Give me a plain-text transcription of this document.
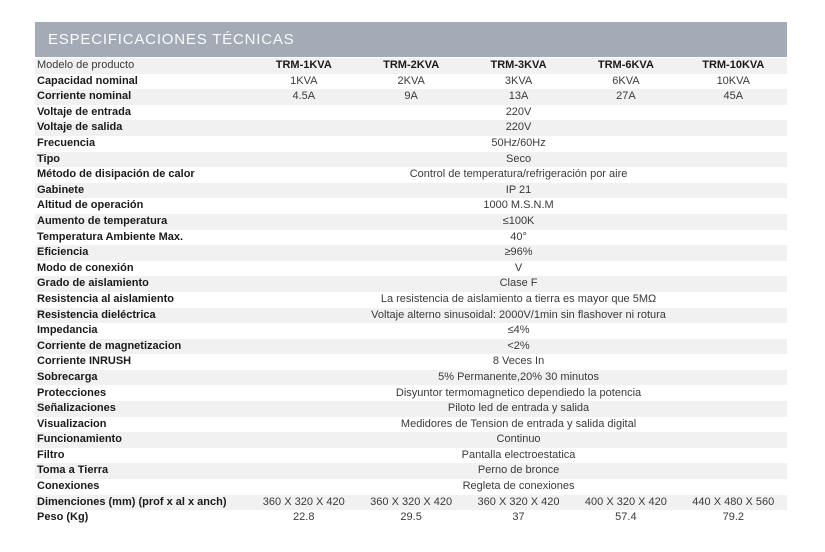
ESPECIFICACIONES TÉCNICAS
Modelo de producto	TRM-1KVA	TRM-2KVA	TRM-3KVA	TRM-6KVA	TRM-10KVA
Capacidad nominal	1KVA	2KVA	3KVA	6KVA	10KVA
Corriente nominal	4.5A	9A	13A	27A	45A
Voltaje de entrada	220V				
Voltaje de salida	220V				
Frecuencia	50Hz/60Hz				
Tipo	Seco				
Método de disipación de calor	Control de temperatura/refrigeración por aire				
Gabinete	IP 21				
Altitud de operación	1000 M.S.N.M				
Aumento de temperatura	≤100K				
Temperatura Ambiente Max.	40°				
Eficiencia	≥96%				
Modo de conexión	V				
Grado de aislamiento	Clase F				
Resistencia al aislamiento	La resistencia de aislamiento a tierra es mayor que 5MΩ				
Resistencia dieléctrica	Voltaje alterno sinusoidal: 2000V/1min sin flashover ni rotura				
Impedancia	≤4%				
Corriente de magnetizacion	<2%				
Corriente INRUSH	8 Veces In				
Sobrecarga	5% Permanente,20% 30 minutos				
Protecciones	Disyuntor termomagnetico dependiedo la potencia				
Señalizaciones	Piloto led de entrada y salida				
Visualizacion	Medidores de Tension de entrada y salida digital				
Funcionamiento	Continuo				
Filtro	Pantalla electroestatica				
Toma a Tierra	Perno de bronce				
Conexiones	Regleta de conexiones				
Dimenciones (mm) (prof x al x anch)	360 X 320 X 420	360 X 320 X 420	360 X 320 X 420	400 X 320 X 420	440 X 480 X 560
Peso (Kg)	22.8	29.5	37	57.4	79.2
